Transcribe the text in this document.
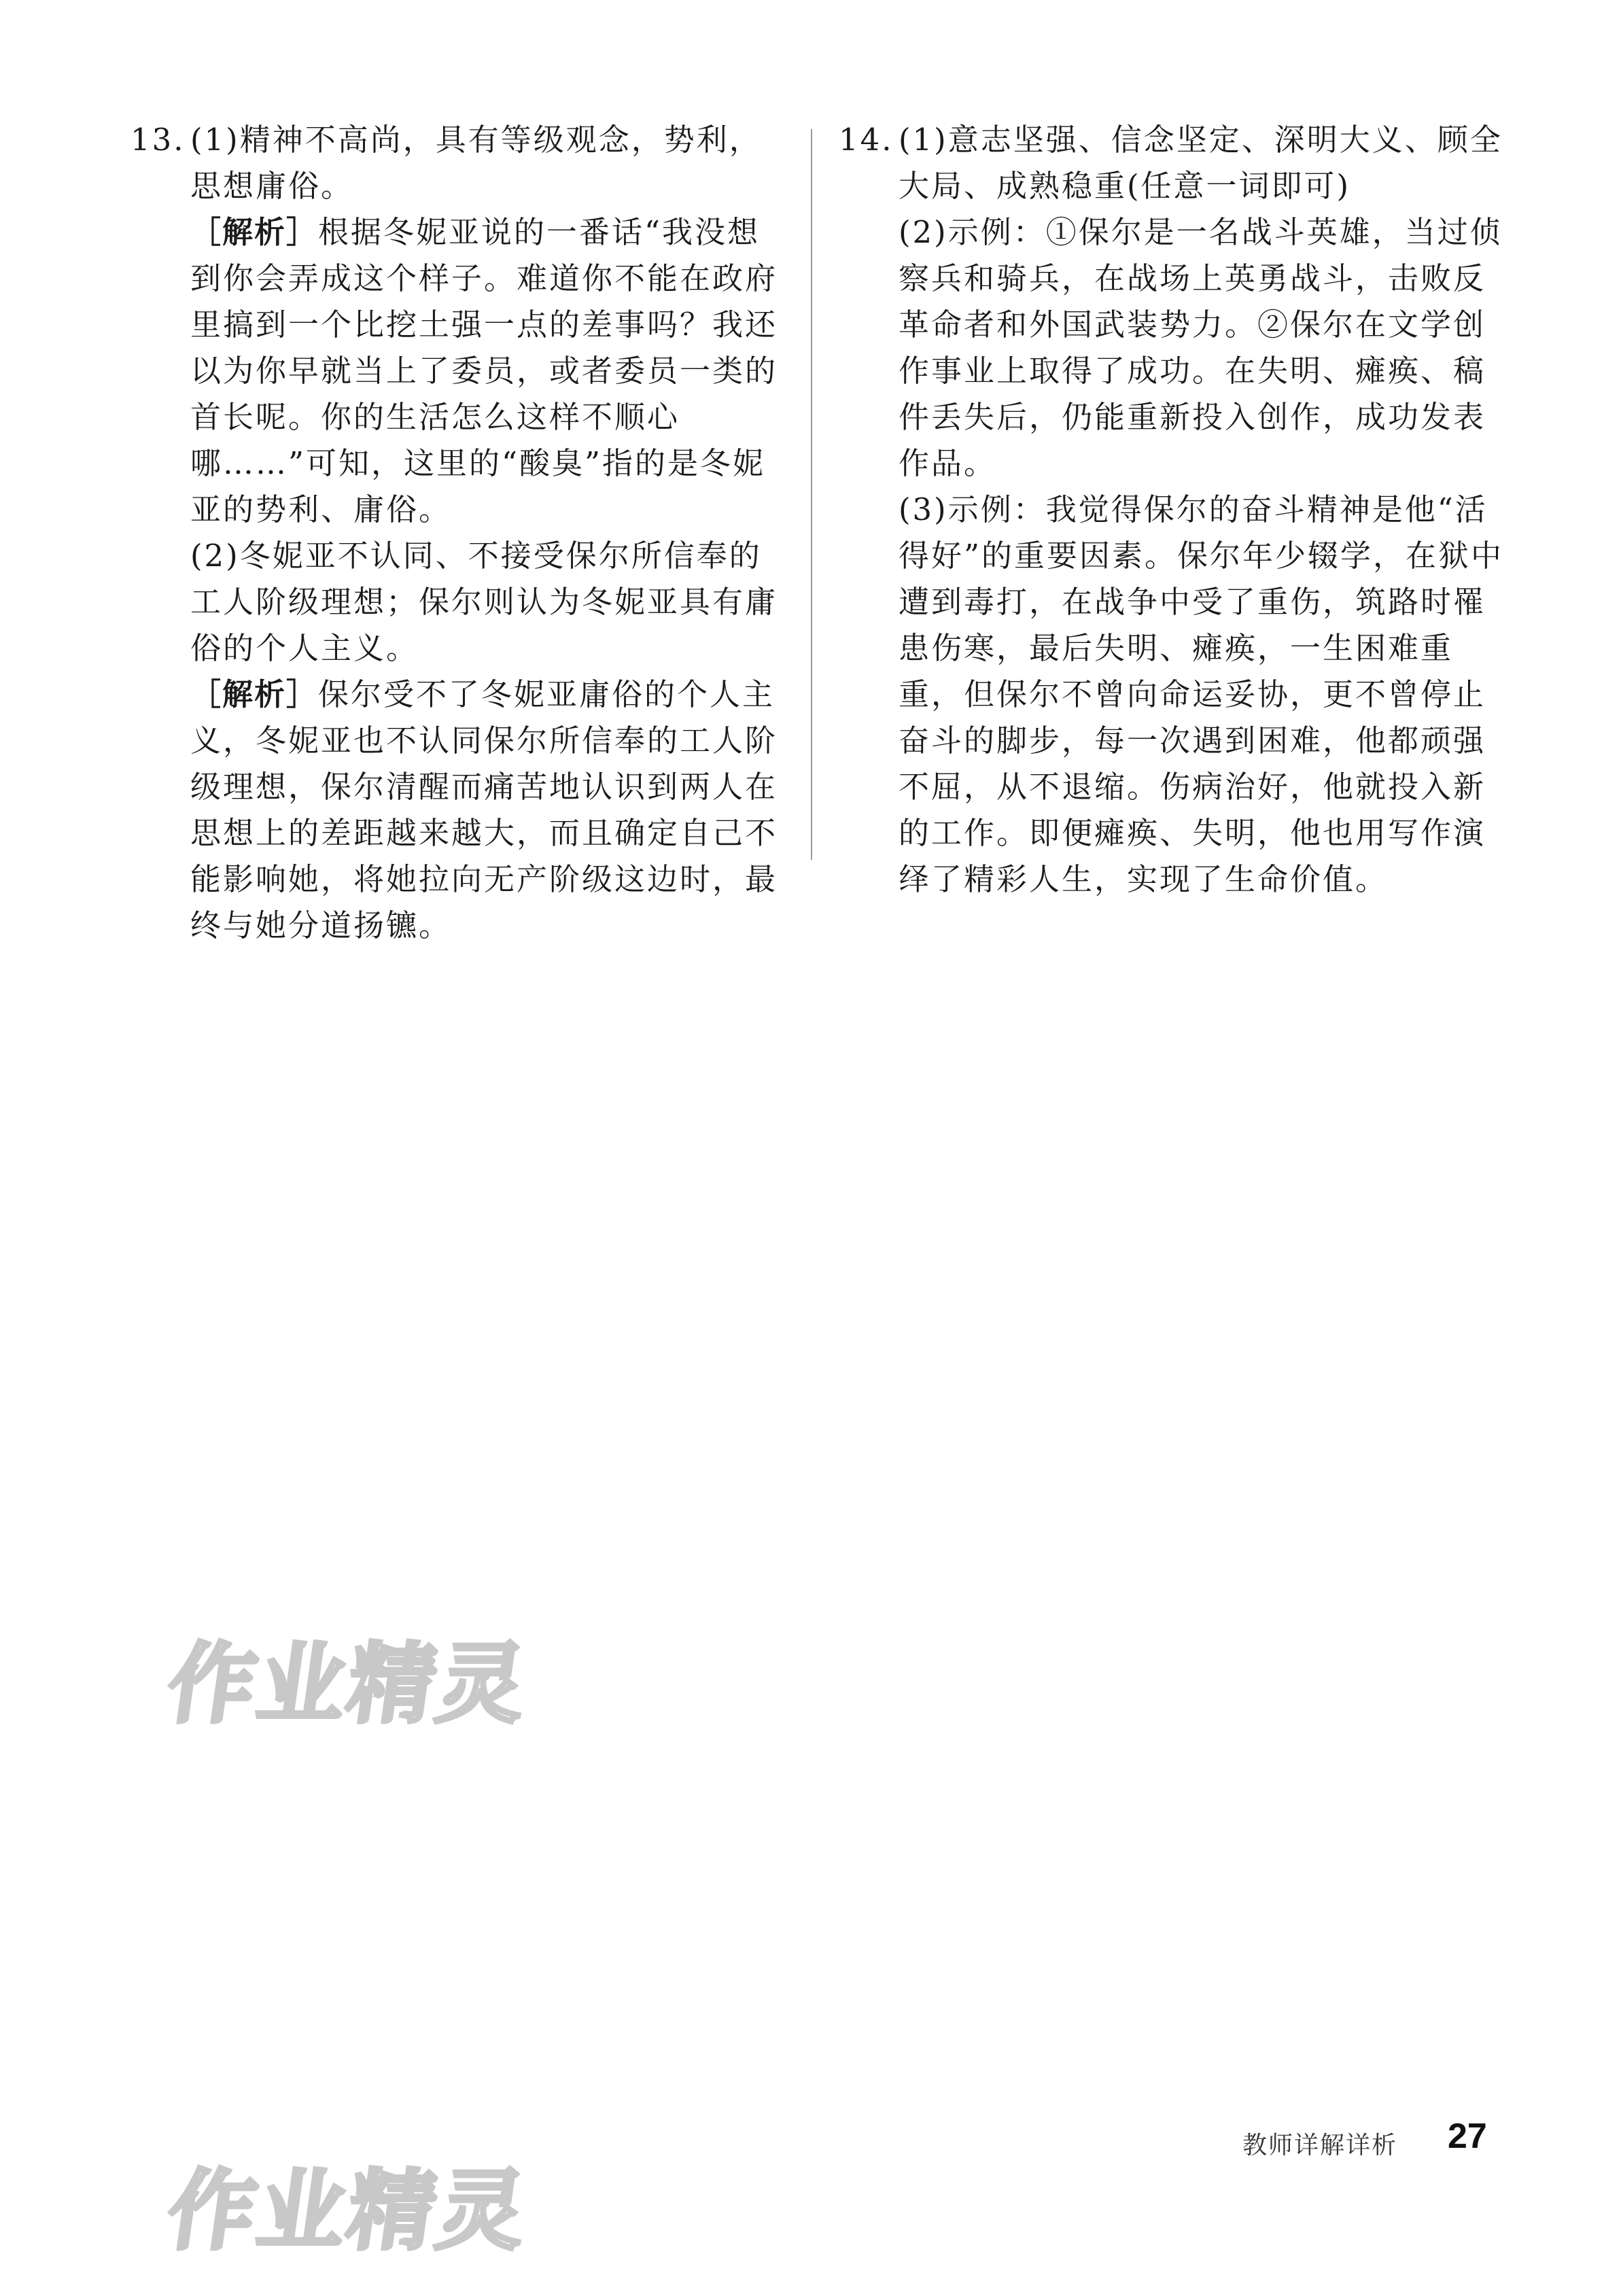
13. (1)精神不高尚，具有等级观念，势利，思想庸俗。
［解析］根据冬妮亚说的一番话“我没想到你会弄成这个样子。难道你不能在政府里搞到一个比挖土强一点的差事吗？我还以为你早就当上了委员，或者委员一类的首长呢。你的生活怎么这样不顺心哪……”可知，这里的“酸臭”指的是冬妮亚的势利、庸俗。
(2)冬妮亚不认同、不接受保尔所信奉的工人阶级理想；保尔则认为冬妮亚具有庸俗的个人主义。
［解析］保尔受不了冬妮亚庸俗的个人主义，冬妮亚也不认同保尔所信奉的工人阶级理想，保尔清醒而痛苦地认识到两人在思想上的差距越来越大，而且确定自己不能影响她，将她拉向无产阶级这边时，最终与她分道扬镳。
14. (1)意志坚强、信念坚定、深明大义、顾全大局、成熟稳重(任意一词即可)
(2)示例：①保尔是一名战斗英雄，当过侦察兵和骑兵，在战场上英勇战斗，击败反革命者和外国武装势力。②保尔在文学创作事业上取得了成功。在失明、瘫痪、稿件丢失后，仍能重新投入创作，成功发表作品。
(3)示例：我觉得保尔的奋斗精神是他“活得好”的重要因素。保尔年少辍学，在狱中遭到毒打，在战争中受了重伤，筑路时罹患伤寒，最后失明、瘫痪，一生困难重重，但保尔不曾向命运妥协，更不曾停止奋斗的脚步，每一次遇到困难，他都顽强不屈，从不退缩。伤病治好，他就投入新的工作。即便瘫痪、失明，他也用写作演绎了精彩人生，实现了生命价值。
作业精灵
作业精灵
教师详解详析 27
